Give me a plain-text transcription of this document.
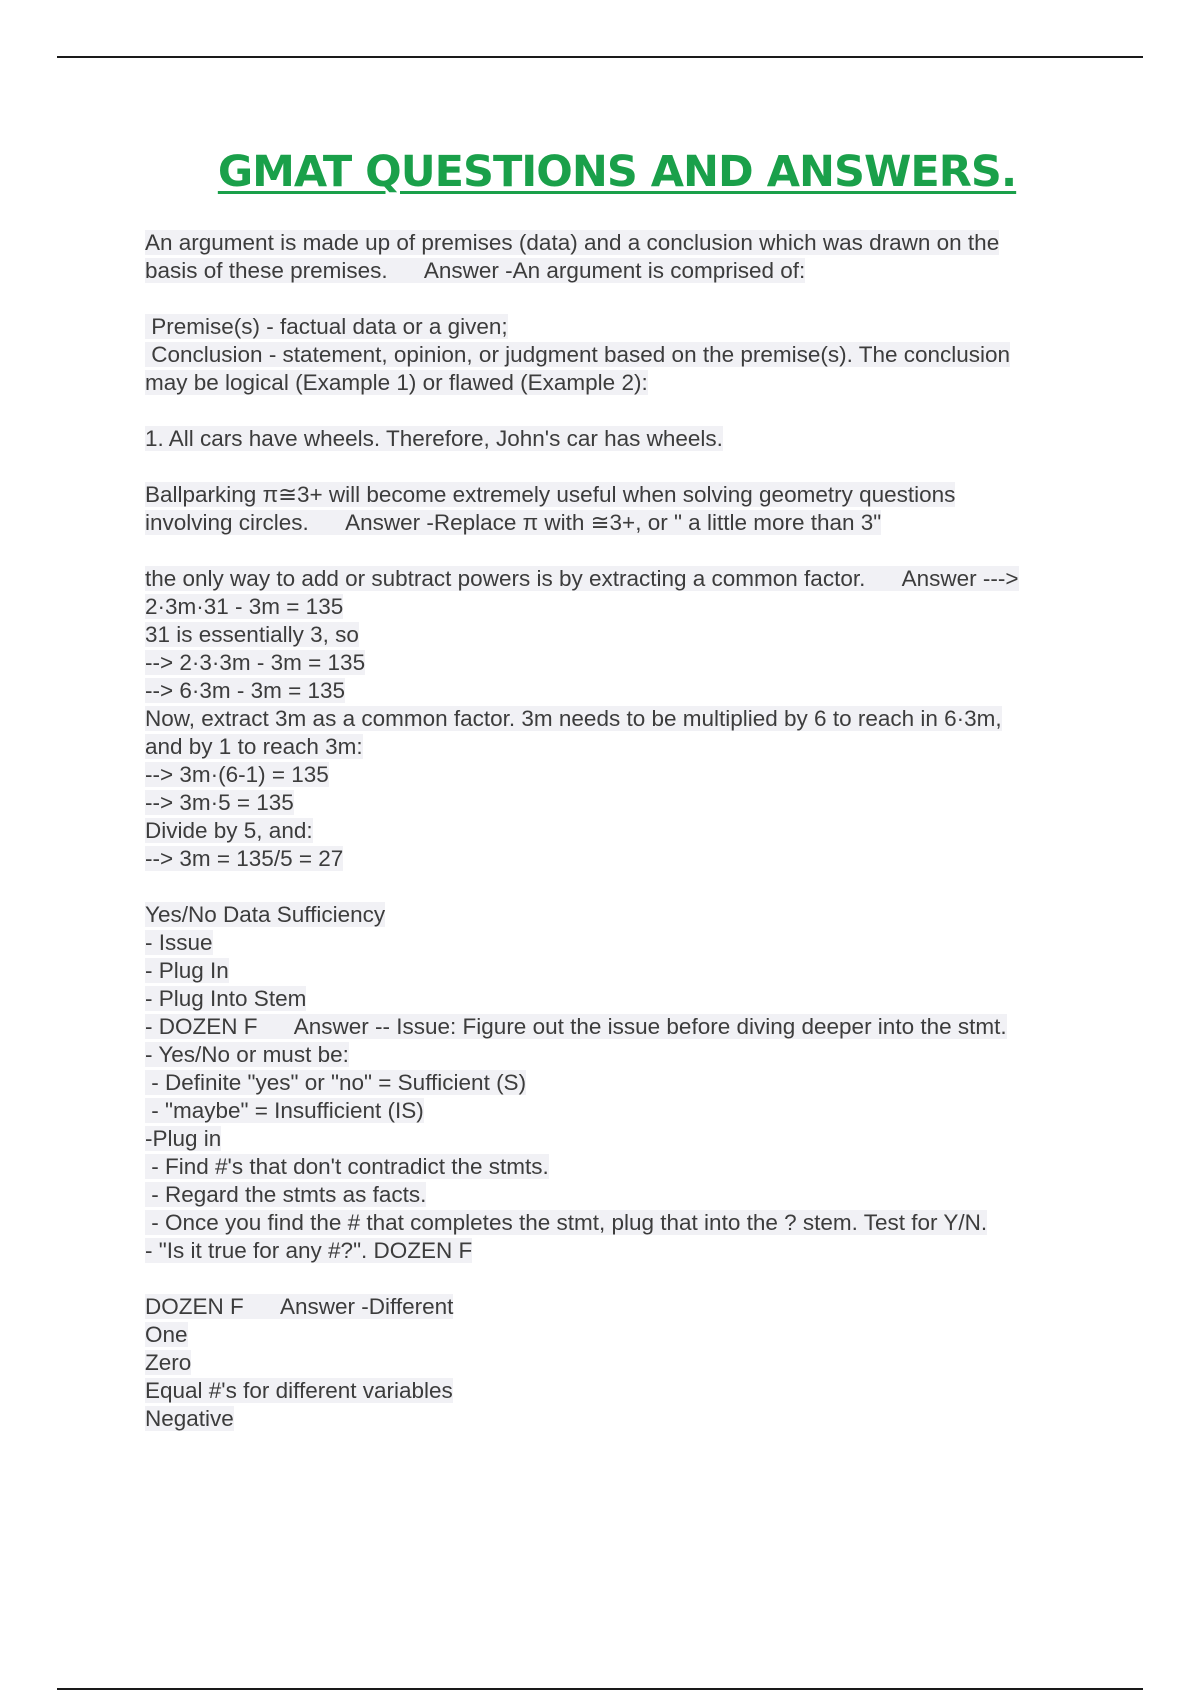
GMAT QUESTIONS AND ANSWERS.
An argument is made up of premises (data) and a conclusion which was drawn on the
basis of these premises.      Answer -An argument is comprised of:
Premise(s) - factual data or a given;
Conclusion - statement, opinion, or judgment based on the premise(s). The conclusion
may be logical (Example 1) or flawed (Example 2):
1. All cars have wheels. Therefore, John's car has wheels.
Ballparking π≅3+ will become extremely useful when solving geometry questions
involving circles.      Answer -Replace π with ≅3+, or " a little more than 3"
the only way to add or subtract powers is by extracting a common factor.      Answer --->
2·3m·31 - 3m = 135
31 is essentially 3, so
--> 2·3·3m - 3m = 135
--> 6·3m - 3m = 135
Now, extract 3m as a common factor. 3m needs to be multiplied by 6 to reach in 6·3m,
and by 1 to reach 3m:
--> 3m·(6-1) = 135
--> 3m·5 = 135
Divide by 5, and:
--> 3m = 135/5 = 27
Yes/No Data Sufficiency
- Issue
- Plug In
- Plug Into Stem
- DOZEN F      Answer -- Issue: Figure out the issue before diving deeper into the stmt.
- Yes/No or must be:
- Definite "yes" or "no" = Sufficient (S)
- "maybe" = Insufficient (IS)
-Plug in
- Find #'s that don't contradict the stmts.
- Regard the stmts as facts.
- Once you find the # that completes the stmt, plug that into the ? stem. Test for Y/N.
- "Is it true for any #?". DOZEN F
DOZEN F      Answer -Different
One
Zero
Equal #'s for different variables
Negative
